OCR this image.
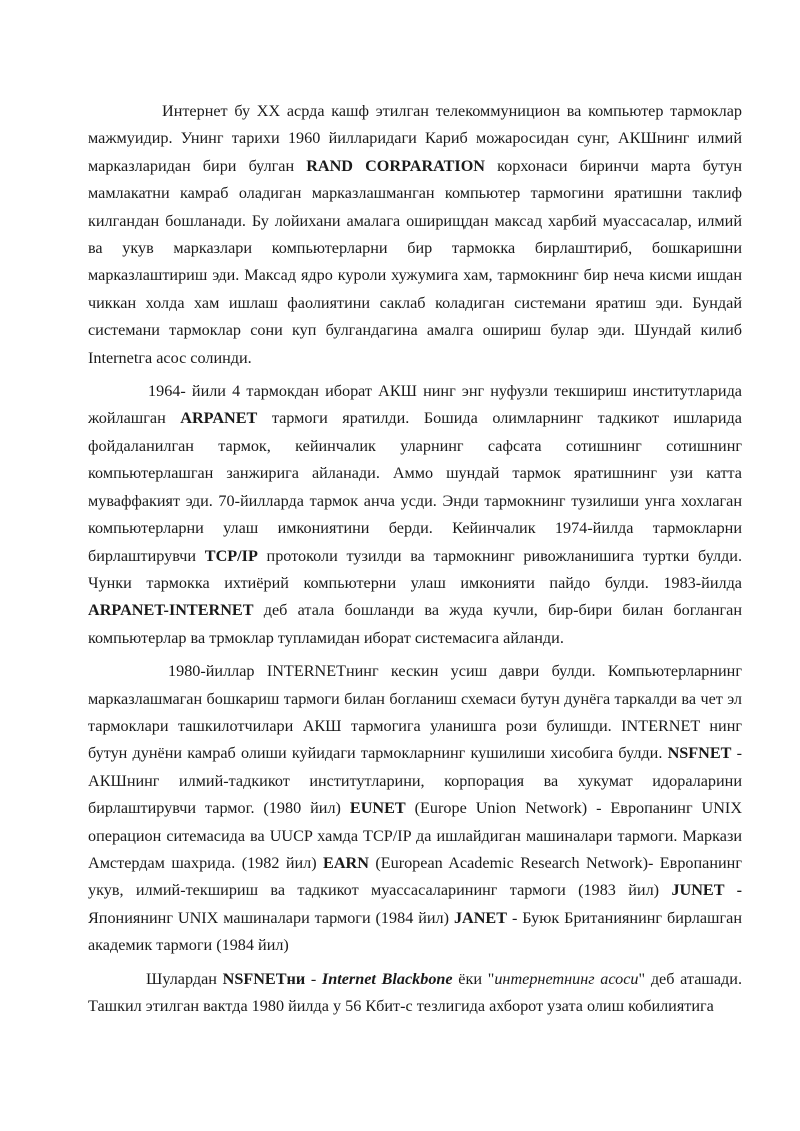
Интернет бу XX асрда кашф этилган телекоммуницион ва компьютер тармоклар мажмуидир. Унинг тарихи 1960 йилларидаги Кариб можаросидан сунг, АКШнинг илмий марказларидан бири булган RAND CORPARATION корхонаси биринчи марта бутун мамлакатни камраб оладиган марказлашманган компьютер тармогини яратишни таклиф килгандан бошланади. Бу лойихани амалага оширищдан максад харбий муассасалар, илмий ва укув марказлари компьютерларни бир тармокка бирлаштириб, бошкаришни марказлаштириш эди. Максад ядро куроли хужумига хам, тармокнинг бир неча кисми ишдан чиккан холда хам ишлаш фаолиятини саклаб коладиган системани яратиш эди. Бундай системани тармоклар сони куп булгандагина амалга ошириш булар эди. Шундай килиб Internetга асос солинди.

1964- йили 4 тармокдан иборат АКШ нинг энг нуфузли текшириш институтларида жойлашган ARPANET тармоги яратилди. Бошида олимларнинг тадкикот ишларида фойдаланилган тармок, кейинчалик уларнинг сафсата сотишнинг сотишнинг компьютерлашган занжирига айланади. Аммо шундай тармок яратишнинг узи катта муваффакият эди. 70-йилларда тармок анча усди. Энди тармокнинг тузилиши унга хохлаган компьютерларни улаш имкониятини берди. Кейинчалик 1974-йилда тармокларни бирлаштирувчи TCP/IP протоколи тузилди ва тармокнинг ривожланишига туртки булди. Чунки тармокка ихтиёрий компьютерни улаш имконияти пайдо булди. 1983-йилда ARPANET-INTERNET деб атала бошланди ва жуда кучли, бир-бири билан богланган компьютерлар ва трмоклар тупламидан иборат системасига айланди.

1980-йиллар INTERNETнинг кескин усиш даври булди. Компьютерларнинг марказлашмаган бошкариш тармоги билан богланиш схемаси бутун дунёга таркалди ва чет эл тармоклари ташкилотчилари АКШ тармогига уланишга рози булишди. INTERNET нинг бутун дунёни камраб олиши куйидаги тармокларнинг кушилиши хисобига булди. NSFNET - АКШнинг илмий-тадкикот институтларини, корпорация ва хукумат идораларини бирлаштирувчи тармог. (1980 йил) EUNET (Europe Union Network) - Европанинг UNIX операцион ситемасида ва UUCP хамда TCP/IP да ишлайдиган машиналари тармоги. Маркази Амстердам шахрида. (1982 йил) EARN (European Academic Research Network)- Европанинг укув, илмий-текшириш ва тадкикот муассасаларининг тармоги (1983 йил) JUNET - Япониянинг UNIX машиналари тармоги (1984 йил) JANET - Буюк Британиянинг бирлашган академик тармоги (1984 йил)

Шулардан NSFNETни - Internet Blackbone ёки "интернетнинг асоси" деб аташади. Ташкил этилган вактда 1980 йилда у 56 Кбит-с тезлигида ахборот узата олиш кобилиятига
